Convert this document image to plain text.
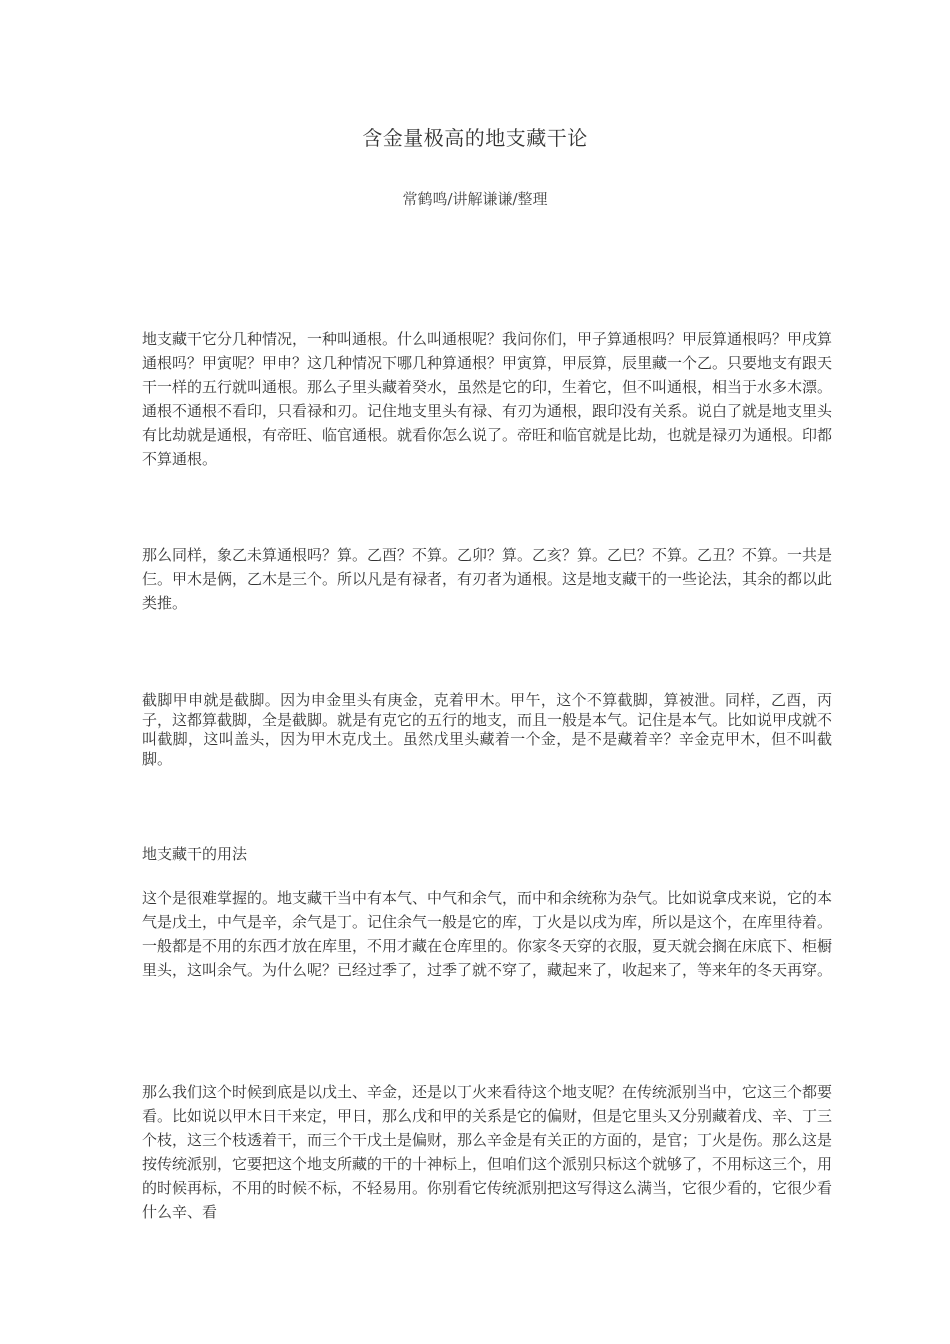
含金量极高的地支藏干论
常鹤鸣/讲解谦谦/整理

地支藏干它分几种情况，一种叫通根。什么叫通根呢？我问你们，甲子算通根吗？甲辰算通根吗？甲戌算通根吗？甲寅呢？甲申？这几种情况下哪几种算通根？甲寅算，甲辰算，辰里藏一个乙。只要地支有跟天干一样的五行就叫通根。那么子里头藏着癸水，虽然是它的印，生着它，但不叫通根，相当于水多木漂。通根不通根不看印，只看禄和刃。记住地支里头有禄、有刃为通根，跟印没有关系。说白了就是地支里头有比劫就是通根，有帝旺、临官通根。就看你怎么说了。帝旺和临官就是比劫，也就是禄刃为通根。印都不算通根。

那么同样，象乙未算通根吗？算。乙酉？不算。乙卯？算。乙亥？算。乙巳？不算。乙丑？不算。一共是仨。甲木是俩，乙木是三个。所以凡是有禄者，有刃者为通根。这是地支藏干的一些论法，其余的都以此类推。

截脚甲申就是截脚。因为申金里头有庚金，克着甲木。甲午，这个不算截脚，算被泄。同样，乙酉，丙子，这都算截脚，全是截脚。就是有克它的五行的地支，而且一般是本气。记住是本气。比如说甲戌就不叫截脚，这叫盖头，因为甲木克戊土。虽然戊里头藏着一个金，是不是藏着辛？辛金克甲木，但不叫截脚。

地支藏干的用法

这个是很难掌握的。地支藏干当中有本气、中气和余气，而中和余统称为杂气。比如说拿戌来说，它的本气是戊土，中气是辛，余气是丁。记住余气一般是它的库，丁火是以戌为库，所以是这个，在库里待着。一般都是不用的东西才放在库里，不用才藏在仓库里的。你家冬天穿的衣服，夏天就会搁在床底下、柜橱里头，这叫余气。为什么呢？已经过季了，过季了就不穿了，藏起来了，收起来了，等来年的冬天再穿。

那么我们这个时候到底是以戊土、辛金，还是以丁火来看待这个地支呢？在传统派别当中，它这三个都要看。比如说以甲木日干来定，甲日，那么戊和甲的关系是它的偏财，但是它里头又分别藏着戊、辛、丁三个枝，这三个枝透着干，而三个干戊土是偏财，那么辛金是有关正的方面的，是官；丁火是伤。那么这是按传统派别，它要把这个地支所藏的干的十神标上，但咱们这个派别只标这个就够了，不用标这三个，用的时候再标，不用的时候不标，不轻易用。你别看它传统派别把这写得这么满当，它很少看的，它很少看什么辛、看
